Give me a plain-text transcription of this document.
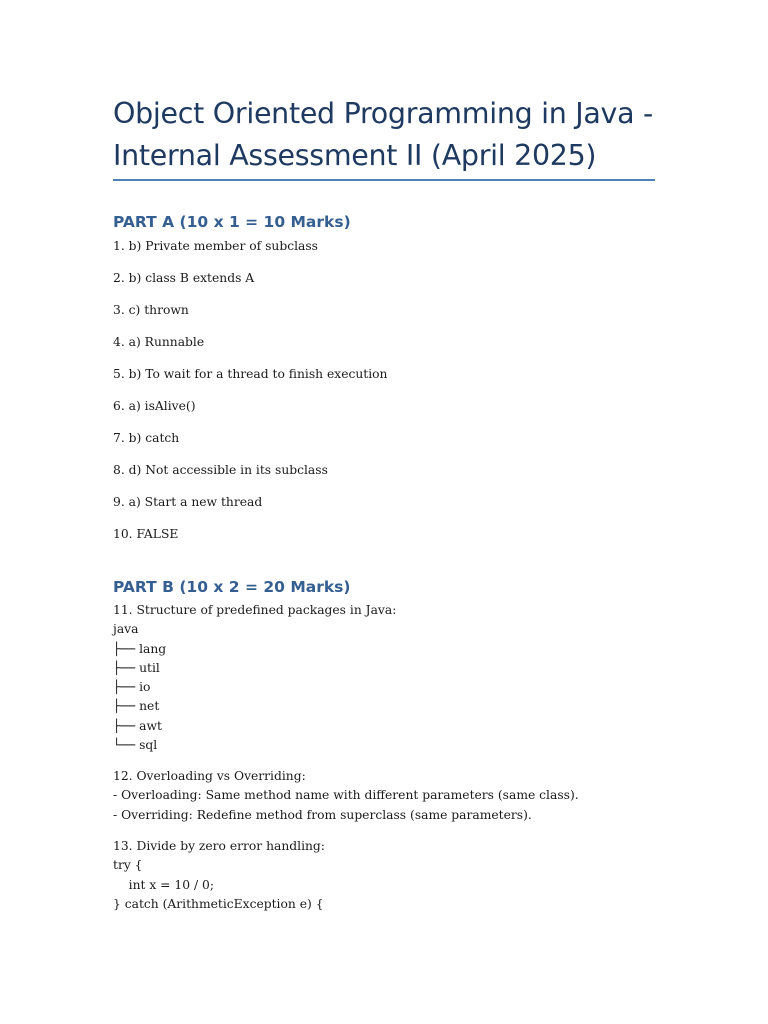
Object Oriented Programming in Java - Internal Assessment II (April 2025)
PART A (10 x 1 = 10 Marks)

1. b) Private member of subclass

2. b) class B extends A

3. c) thrown

4. a) Runnable

5. b) To wait for a thread to finish execution

6. a) isAlive()

7. b) catch

8. d) Not accessible in its subclass

9. a) Start a new thread

10. FALSE

PART B (10 x 2 = 20 Marks)
11. Structure of predefined packages in Java:
java
├── lang
├── util
├── io
├── net
├── awt
└── sql
12. Overloading vs Overriding:
- Overloading: Same method name with different parameters (same class).
- Overriding: Redefine method from superclass (same parameters).
13. Divide by zero error handling:
try {
int x = 10 / 0;
} catch (ArithmeticException e) {
